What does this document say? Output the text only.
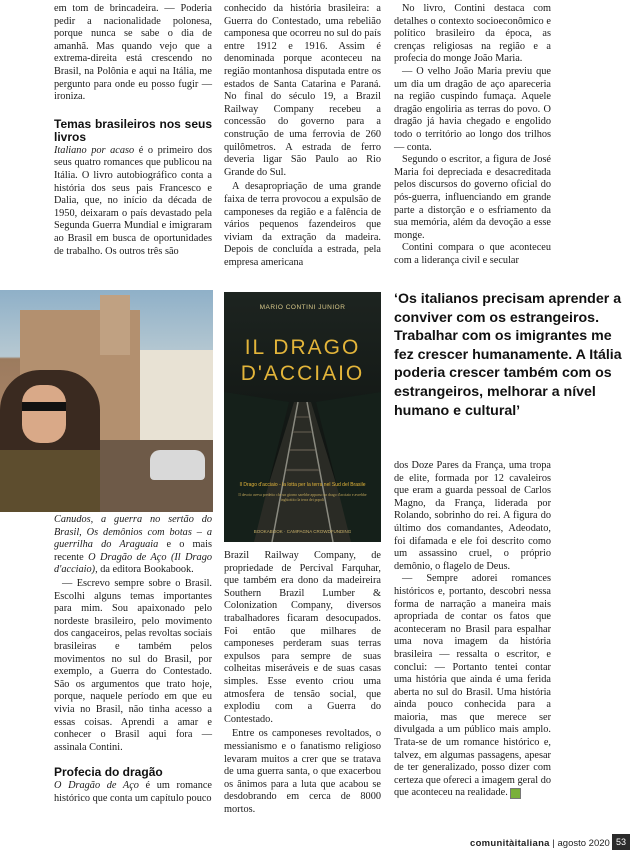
em tom de brincadeira. — Poderia pedir a nacionalidade polonesa, porque nunca se sabe o dia de amanhã. Mas quando vejo que a extrema-direita está crescendo no Brasil, na Polônia e aqui na Itália, me pergunto para onde eu posso fugir — ironiza.

Temas brasileiros nos seus livros

Italiano por acaso é o primeiro dos seus quatro romances que publicou na Itália. O livro autobiográfico conta a história dos seus pais Francesco e Dalia, que, no início da década de 1950, deixaram o país devastado pela Segunda Guerra Mundial e imigraram ao Brasil em busca de oportunidades de trabalho. Os outros três são

Canudos, a guerra no sertão do Brasil, Os demônios com botas – a guerrilha do Araguaia e o mais recente O Dragão de Aço (Il Drago d'acciaio), da editora Bookabook.

— Escrevo sempre sobre o Brasil. Escolhi alguns temas importantes para mim. Sou apaixonado pelo nordeste brasileiro, pelo movimento dos cangaceiros, pelas revoltas sociais brasileiras e também pelos movimentos no sul do Brasil, por exemplo, a Guerra do Contestado. São os argumentos que trato hoje, porque, naquele período em que eu vivia no Brasil, não tinha acesso a essas coisas. Aprendi a amar e conhecer o Brasil aqui fora — assinala Contini.

Profecia do dragão

O Dragão de Aço é um romance histórico que conta um capítulo pouco

conhecido da história brasileira: a Guerra do Contestado, uma rebelião camponesa que ocorreu no sul do país entre 1912 e 1916. Assim é denominada porque aconteceu na região montanhosa disputada entre os estados de Santa Catarina e Paraná. No final do século 19, a Brazil Railway Company recebeu a concessão do governo para a construção de uma ferrovia de 260 quilômetros. A estrada de ferro deveria ligar São Paulo ao Rio Grande do Sul.

A desapropriação de uma grande faixa de terra provocou a expulsão de camponeses da região e a falência de vários pequenos fazendeiros que viviam da extração da madeira. Depois de concluída a estrada, pela empresa americana

MARIO CONTINI JUNIOR
IL DRAGO
D'ACCIAIO
Il Drago d'acciaio - la lotta per la terra nel Sud del Brasile
Il devoto aveva predetto che un giorno sarebbe apparso un drago d'acciaio e avrebbe inghiottito la terra dei popoli
BOOKABOOK · CAMPAGNA CROWDFUNDING

Brazil Railway Company, de propriedade de Percival Farquhar, que também era dono da madeireira Southern Brazil Lumber & Colonization Company, diversos trabalhadores ficaram desocupados. Foi então que milhares de camponeses perderam suas terras expulsos para sempre de suas colheitas miseráveis e de suas casas simples. Esse evento criou uma atmosfera de tensão social, que explodiu com a Guerra do Contestado.

Entre os camponeses revoltados, o messianismo e o fanatismo religioso levaram muitos a crer que se tratava de uma guerra santa, o que exacerbou os ânimos para a luta que acabou se desdobrando em cerca de 8000 mortos.

No livro, Contini destaca com detalhes o contexto socioeconômico e político brasileiro da época, as crenças religiosas na região e a profecia do monge João Maria.

— O velho João Maria previu que um dia um dragão de aço apareceria na região cuspindo fumaça. Aquele dragão engoliria as terras do povo. O dragão já havia chegado e engolido todo o território ao longo dos trilhos — conta.

Segundo o escritor, a figura de José Maria foi depreciada e desacreditada pelos discursos do governo oficial do pós-guerra, influenciando em grande parte a distorção e o esfriamento da sua memória, além da devoção a esse monge.

Contini compara o que aconteceu com a liderança civil e secular

‘Os italianos precisam aprender a conviver com os estrangeiros. Trabalhar com os imigrantes me fez crescer humanamente. A Itália poderia crescer também com os estrangeiros, melhorar a nível humano e cultural’

dos Doze Pares da França, uma tropa de elite, formada por 12 cavaleiros que eram a guarda pessoal de Carlos Magno, da França, liderada por Rolando, sobrinho do rei. A figura do último dos comandantes, Adeodato, foi difamada e ele foi descrito como um assassino cruel, o próprio demônio, o flagelo de Deus.

— Sempre adorei romances históricos e, portanto, descobri nessa forma de narração a maneira mais apropriada de contar os fatos que aconteceram no Brasil para espalhar uma nova imagem da história brasileira — ressalta o escritor, e conclui: — Portanto tentei contar uma história que ainda é uma ferida aberta no sul do Brasil. Uma história ainda pouco conhecida para a maioria, mas que merece ser divulgada a um público mais amplo. Trata-se de um romance histórico e, talvez, em algumas passagens, apesar de ter generalizado, posso dizer com certeza que ofereci a imagem geral do que aconteceu na realidade.

comunitàitaliana | agosto 2020 53
